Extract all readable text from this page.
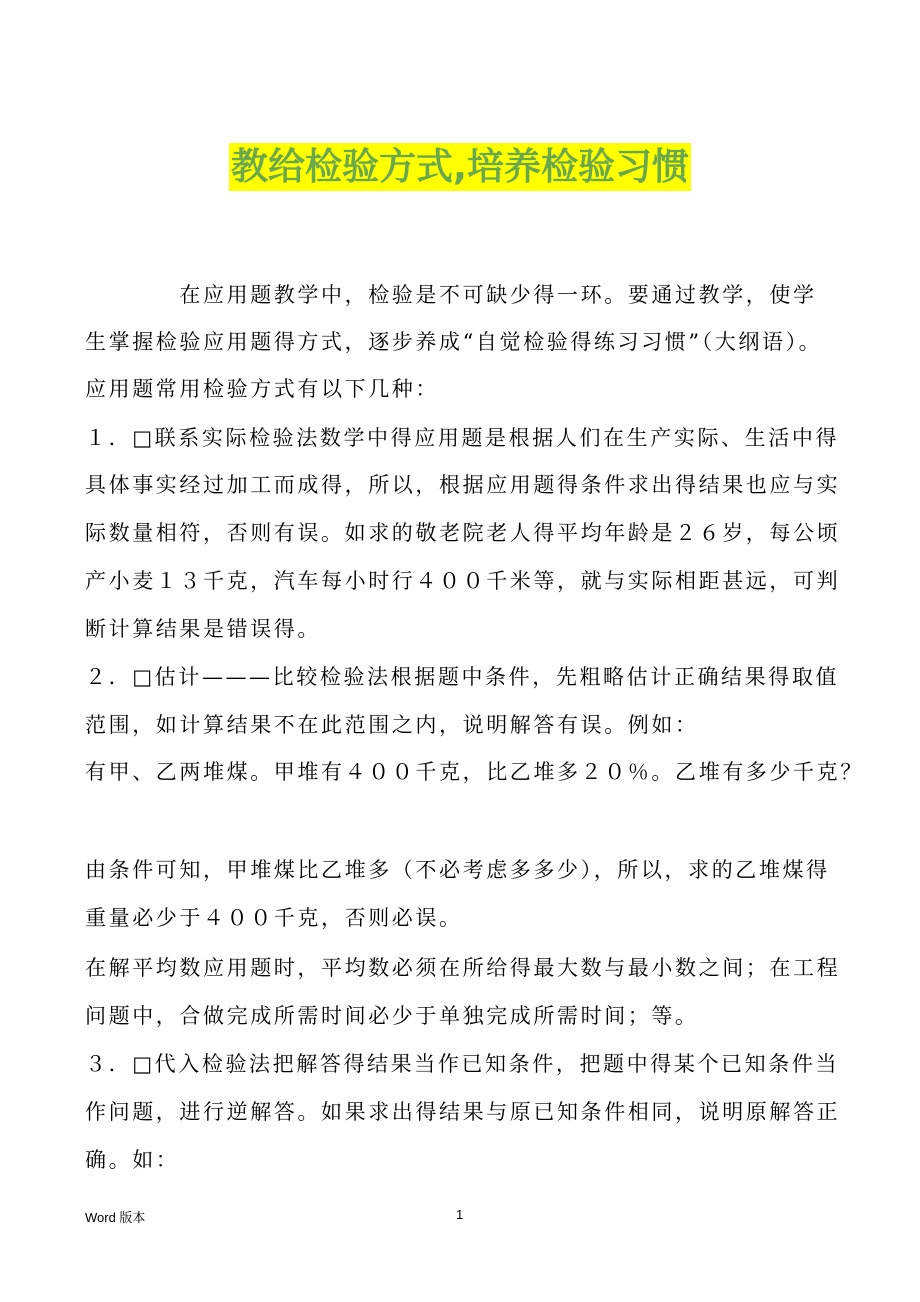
教给检验方式,培养检验习惯
　　　　在应用题教学中，检验是不可缺少得一环。要通过教学，使学
生掌握检验应用题得方式，逐步养成“自觉检验得练习习惯”（大纲语）。
应用题常用检验方式有以下几种：
１．□联系实际检验法数学中得应用题是根据人们在生产实际、生活中得
具体事实经过加工而成得，所以，根据应用题得条件求出得结果也应与实
际数量相符，否则有误。如求的敬老院老人得平均年龄是２６岁，每公顷
产小麦１３千克，汽车每小时行４００千米等，就与实际相距甚远，可判
断计算结果是错误得。
２．□估计———比较检验法根据题中条件，先粗略估计正确结果得取值
范围，如计算结果不在此范围之内，说明解答有误。例如：
有甲、乙两堆煤。甲堆有４００千克，比乙堆多２０％。乙堆有多少千克？
由条件可知，甲堆煤比乙堆多（不必考虑多多少），所以，求的乙堆煤得
重量必少于４００千克，否则必误。
在解平均数应用题时，平均数必须在所给得最大数与最小数之间；在工程
问题中，合做完成所需时间必少于单独完成所需时间；等。
３．□代入检验法把解答得结果当作已知条件，把题中得某个已知条件当
作问题，进行逆解答。如果求出得结果与原已知条件相同，说明原解答正
确。如：
Word 版本	1
